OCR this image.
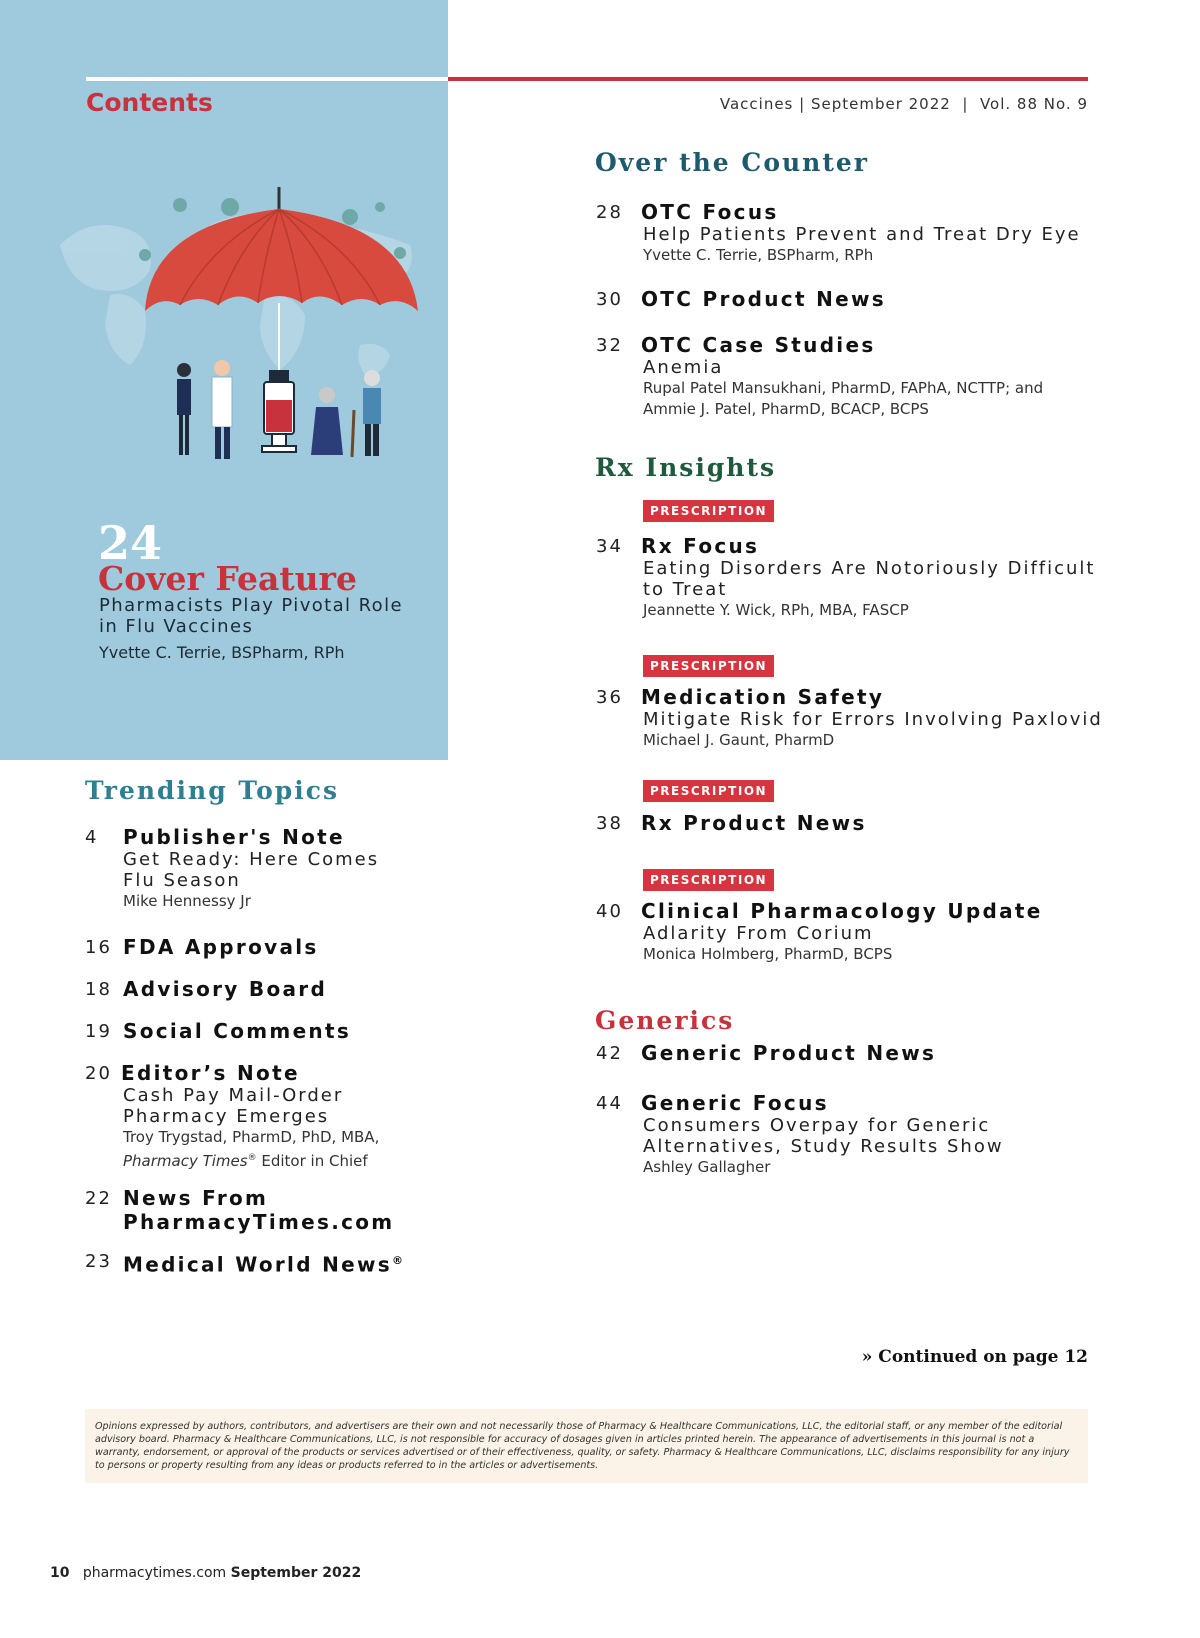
Contents	Vaccines | September 2022  |  Vol. 88 No. 9
24
Cover Feature
Pharmacists Play Pivotal Role
in Flu Vaccines
Yvette C. Terrie, BSPharm, RPh
Trending Topics
4 Publisher's Note
Get Ready: Here Comes
Flu Season
Mike Hennessy Jr
16 FDA Approvals
18 Advisory Board
19 Social Comments
20 Editor’s Note
Cash Pay Mail-Order
Pharmacy Emerges
Troy Trygstad, PharmD, PhD, MBA,
Pharmacy Times® Editor in Chief
22 News From
PharmacyTimes.com
23 Medical World News®
Over the Counter
28 OTC Focus
Help Patients Prevent and Treat Dry Eye
Yvette C. Terrie, BSPharm, RPh
30 OTC Product News
32 OTC Case Studies
Anemia
Rupal Patel Mansukhani, PharmD, FAPhA, NCTTP; and
Ammie J. Patel, PharmD, BCACP, BCPS
Rx Insights
PRESCRIPTION
34 Rx Focus
Eating Disorders Are Notoriously Difficult
to Treat
Jeannette Y. Wick, RPh, MBA, FASCP
PRESCRIPTION
36 Medication Safety
Mitigate Risk for Errors Involving Paxlovid
Michael J. Gaunt, PharmD
PRESCRIPTION
38 Rx Product News
PRESCRIPTION
40 Clinical Pharmacology Update
Adlarity From Corium
Monica Holmberg, PharmD, BCPS
Generics
42 Generic Product News
44 Generic Focus
Consumers Overpay for Generic
Alternatives, Study Results Show
Ashley Gallagher
» Continued on page 12
Opinions expressed by authors, contributors, and advertisers are their own and not necessarily those of Pharmacy & Healthcare Communications, LLC, the editorial staff, or any member of the editorial advisory board. Pharmacy & Healthcare Communications, LLC, is not responsible for accuracy of dosages given in articles printed herein. The appearance of advertisements in this journal is not a warranty, endorsement, or approval of the products or services advertised or of their effectiveness, quality, or safety. Pharmacy & Healthcare Communications, LLC, disclaims responsibility for any injury to persons or property resulting from any ideas or products referred to in the articles or advertisements.
10 pharmacytimes.com September 2022
